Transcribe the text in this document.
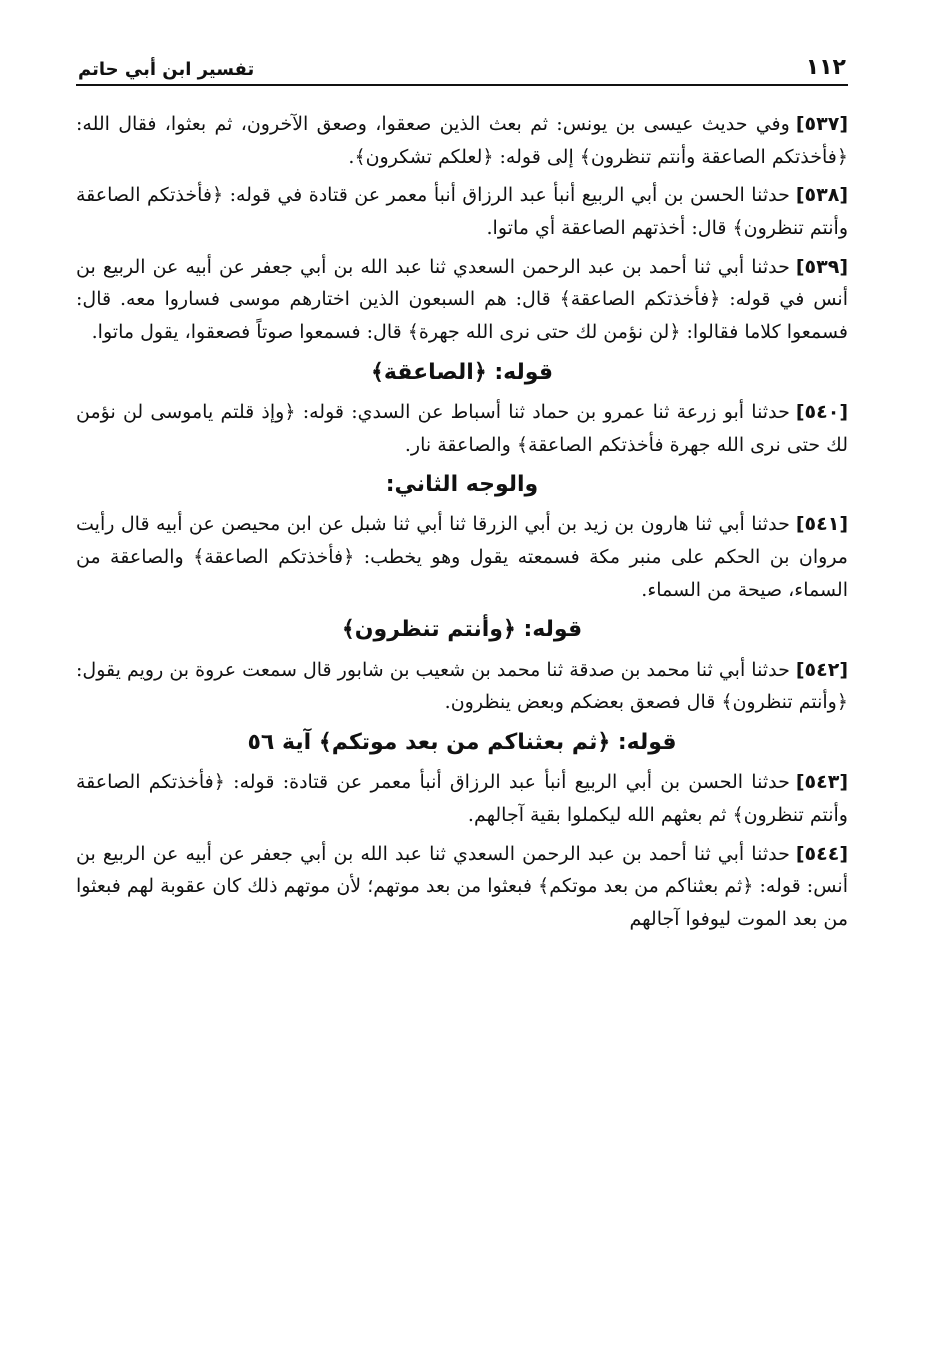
١١٢
تفسير ابن أبي حاتم

[٥٣٧]وفي حديث عيسى بن يونس: ثم بعث الذين صعقوا، وصعق الآخرون، ثم بعثوا، فقال الله: ﴿فأخذتكم الصاعقة وأنتم تنظرون﴾ إلى قوله: ﴿لعلكم تشكرون﴾.

[٥٣٨]حدثنا الحسن بن أبي الربيع أنبأ عبد الرزاق أنبأ معمر عن قتادة في قوله: ﴿فأخذتكم الصاعقة وأنتم تنظرون﴾ قال: أخذتهم الصاعقة أي ماتوا.

[٥٣٩]حدثنا أبي ثنا أحمد بن عبد الرحمن السعدي ثنا عبد الله بن أبي جعفر عن أبيه عن الربيع بن أنس في قوله: ﴿فأخذتكم الصاعقة﴾ قال: هم السبعون الذين اختارهم موسى فساروا معه. قال: فسمعوا كلاما فقالوا: ﴿لن نؤمن لك حتى نرى الله جهرة﴾ قال: فسمعوا صوتاً فصعقوا، يقول ماتوا.

قوله: ﴿الصاعقة﴾

[٥٤٠]حدثنا أبو زرعة ثنا عمرو بن حماد ثنا أسباط عن السدي: قوله: ﴿وإذ قلتم ياموسى لن نؤمن لك حتى نرى الله جهرة فأخذتكم الصاعقة﴾ والصاعقة نار.

والوجه الثاني:

[٥٤١]حدثنا أبي ثنا هارون بن زيد بن أبي الزرقا ثنا أبي ثنا شبل عن ابن محيصن عن أبيه قال رأيت مروان بن الحكم على منبر مكة فسمعته يقول وهو يخطب: ﴿فأخذتكم الصاعقة﴾ والصاعقة من السماء، صيحة من السماء.

قوله: ﴿وأنتم تنظرون﴾

[٥٤٢]حدثنا أبي ثنا محمد بن صدقة ثنا محمد بن شعيب بن شابور قال سمعت عروة بن رويم يقول: ﴿وأنتم تنظرون﴾ قال فصعق بعضكم وبعض ينظرون.

قوله: ﴿ثم بعثناكم من بعد موتكم﴾ آية ٥٦

[٥٤٣]حدثنا الحسن بن أبي الربيع أنبأ عبد الرزاق أنبأ معمر عن قتادة: قوله: ﴿فأخذتكم الصاعقة وأنتم تنظرون﴾ ثم بعثهم الله ليكملوا بقية آجالهم.

[٥٤٤]حدثنا أبي ثنا أحمد بن عبد الرحمن السعدي ثنا عبد الله بن أبي جعفر عن أبيه عن الربيع بن أنس: قوله: ﴿ثم بعثناكم من بعد موتكم﴾ فبعثوا من بعد موتهم؛ لأن موتهم ذلك كان عقوبة لهم فبعثوا من بعد الموت ليوفوا آجالهم
